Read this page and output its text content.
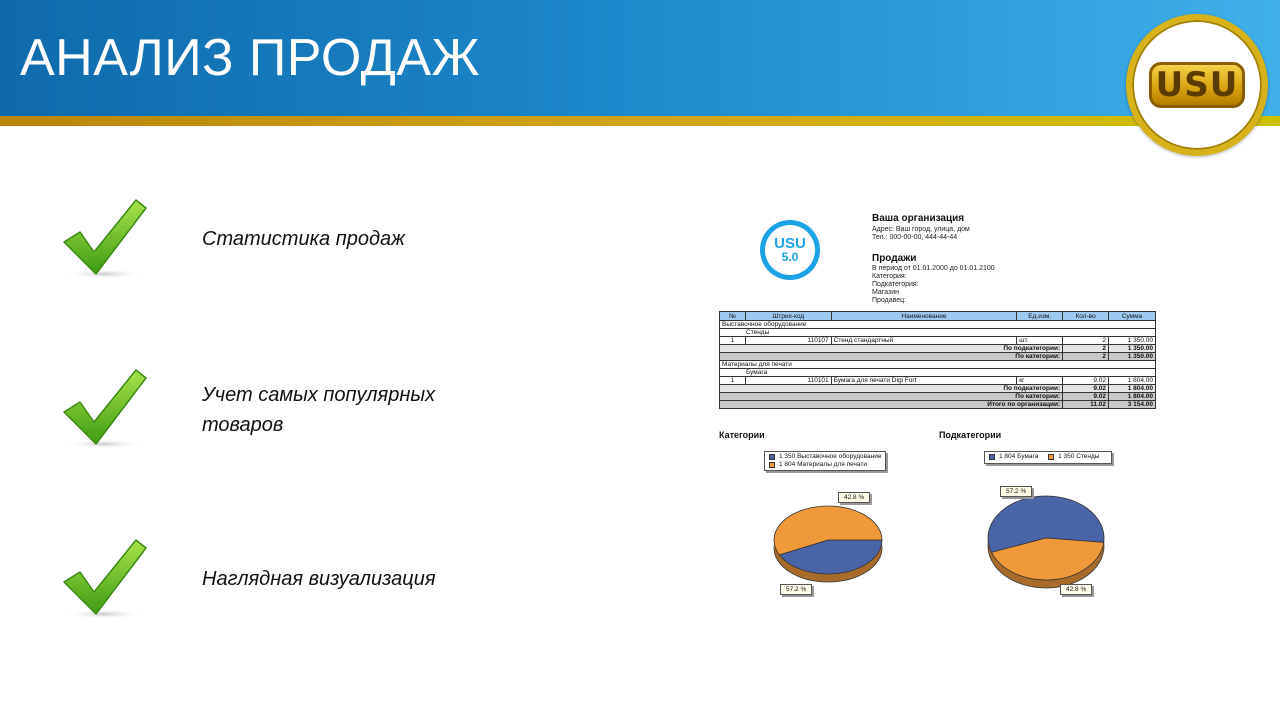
АНАЛИЗ ПРОДАЖ	USU
Статистика продаж
Учет самых популярных товаров
Наглядная визуализация
USU
5.0
Ваша организация
Адрес: Ваш город, улица, дом
Тел.: 000-00-00, 444-44-44
Продажи
В период от 01.01.2000 до 01.01.2100
Категория:
Подкатегория:
Магазин
Продавец:
№	Штрих-код	Наименование	Ед.изм.	Кол-во	Сумма
Выставочное оборудование					
Стенды					
1	110107	Стенд стандартный	шт.	2	1 350.00
По подкатегории:				2	1 350.00
По категории:				2	1 350.00
Материалы для печати					
Бумага					
1	110101	Бумага для печати Digi Fort	кг	9.02	1 804.00
По подкатегории:				9.02	1 804.00
По категории:				9.02	1 804.00
Итого по организации:				11.02	3 154.00
Категории
1 350 Выставочное оборудование
1 804 Материалы для печати
42.8 %
57.2 %
Подкатегории
1 804 Бумага
	1 350 Стенды
57.2 %
42.8 %
